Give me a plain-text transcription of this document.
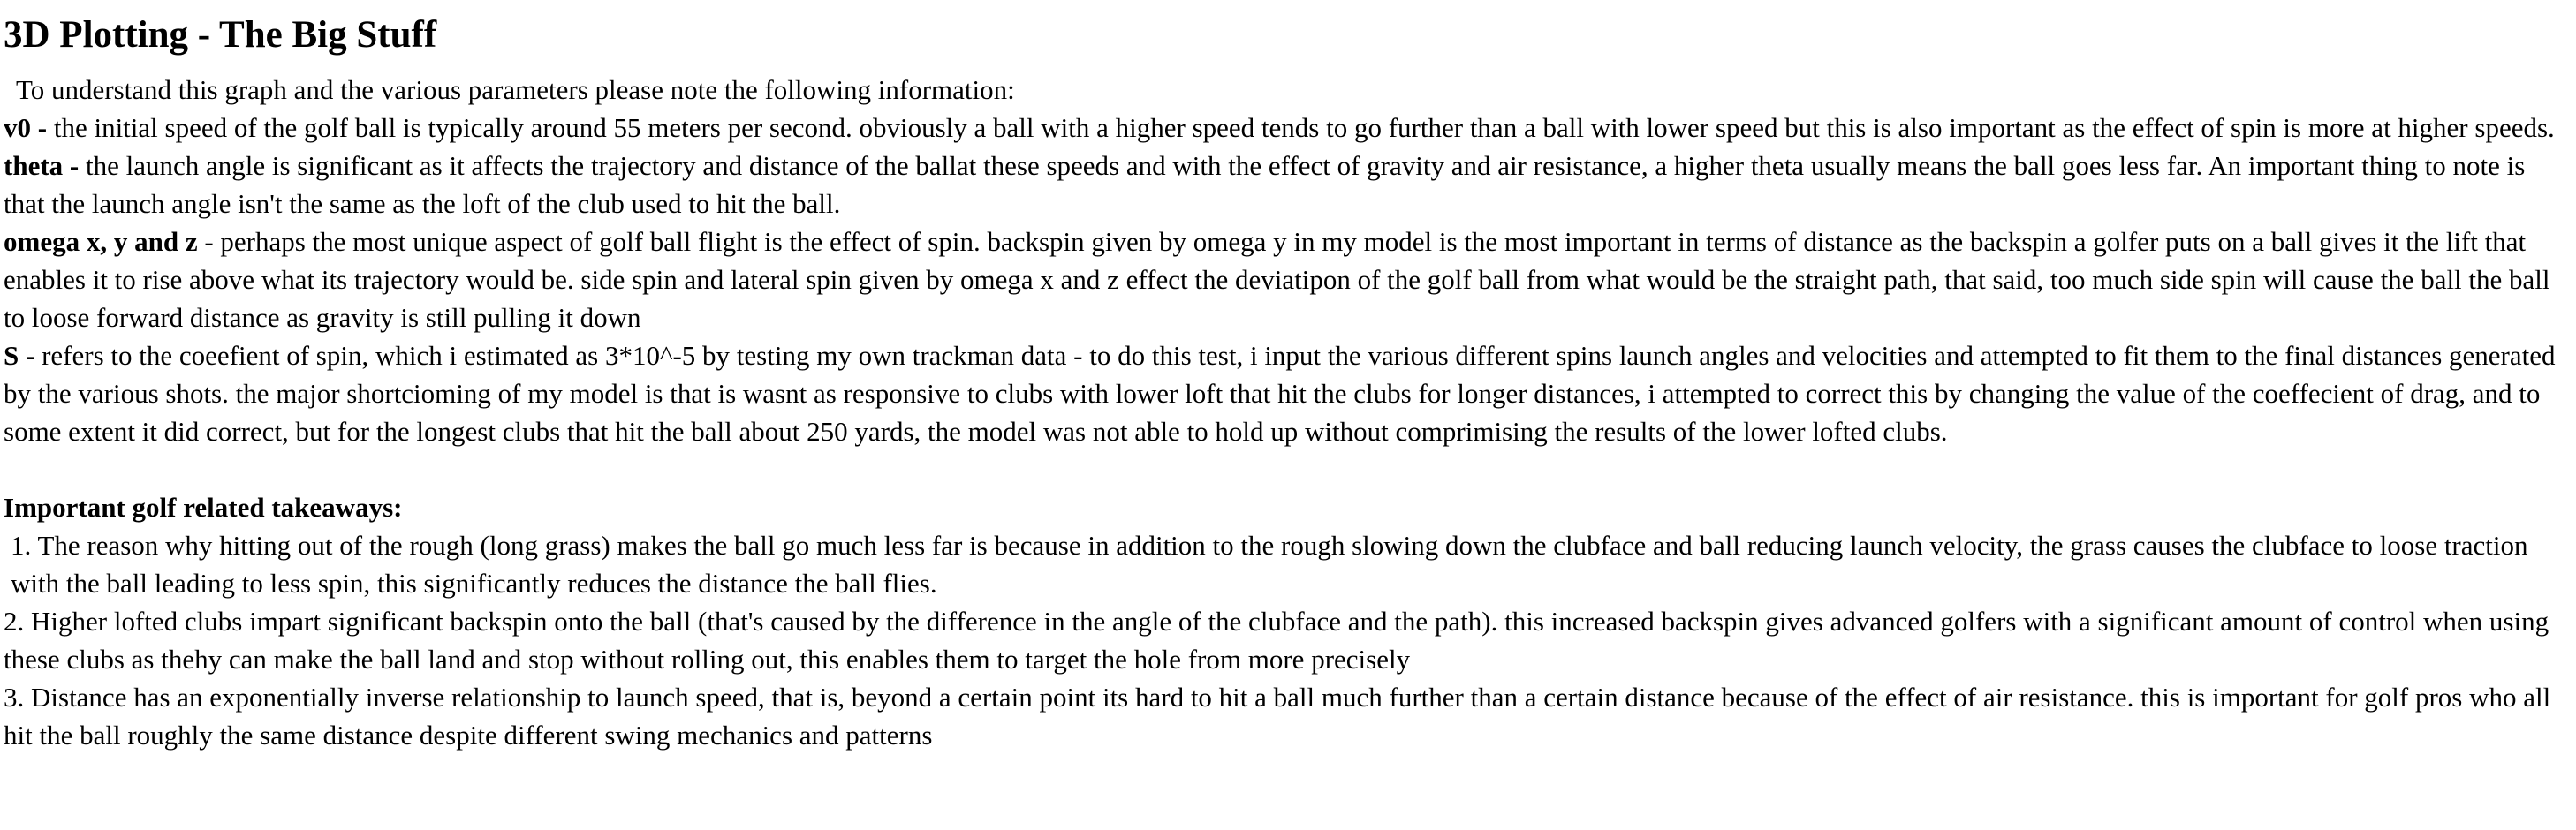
3D Plotting - The Big Stuff

To understand this graph and the various parameters please note the following information:

v0 - the initial speed of the golf ball is typically around 55 meters per second. obviously a ball with a higher speed tends to go further than a ball with lower speed but this is also important as the effect of spin is more at higher speeds.

theta - the launch angle is significant as it affects the trajectory and distance of the ballat these speeds and with the effect of gravity and air resistance, a higher theta usually means the ball goes less far. An important thing to note is that the launch angle isn't the same as the loft of the club used to hit the ball.

omega x, y and z - perhaps the most unique aspect of golf ball flight is the effect of spin. backspin given by omega y in my model is the most important in terms of distance as the backspin a golfer puts on a ball gives it the lift that enables it to rise above what its trajectory would be. side spin and lateral spin given by omega x and z effect the deviatipon of the golf ball from what would be the straight path, that said, too much side spin will cause the ball the ball to loose forward distance as gravity is still pulling it down

S - refers to the coeefient of spin, which i estimated as 3*10^-5 by testing my own trackman data - to do this test, i input the various different spins launch angles and velocities and attempted to fit them to the final distances generated by the various shots. the major shortcioming of my model is that is wasnt as responsive to clubs with lower loft that hit the clubs for longer distances, i attempted to correct this by changing the value of the coeffecient of drag, and to some extent it did correct, but for the longest clubs that hit the ball about 250 yards, the model was not able to hold up without comprimising the results of the lower lofted clubs.

Important golf related takeaways:

1. The reason why hitting out of the rough (long grass) makes the ball go much less far is because in addition to the rough slowing down the clubface and ball reducing launch velocity, the grass causes the clubface to loose traction with the ball leading to less spin, this significantly reduces the distance the ball flies.

2. Higher lofted clubs impart significant backspin onto the ball (that's caused by the difference in the angle of the clubface and the path). this increased backspin gives advanced golfers with a significant amount of control when using these clubs as thehy can make the ball land and stop without rolling out, this enables them to target the hole from more precisely

3. Distance has an exponentially inverse relationship to launch speed, that is, beyond a certain point its hard to hit a ball much further than a certain distance because of the effect of air resistance. this is important for golf pros who all hit the ball roughly the same distance despite different swing mechanics and patterns
